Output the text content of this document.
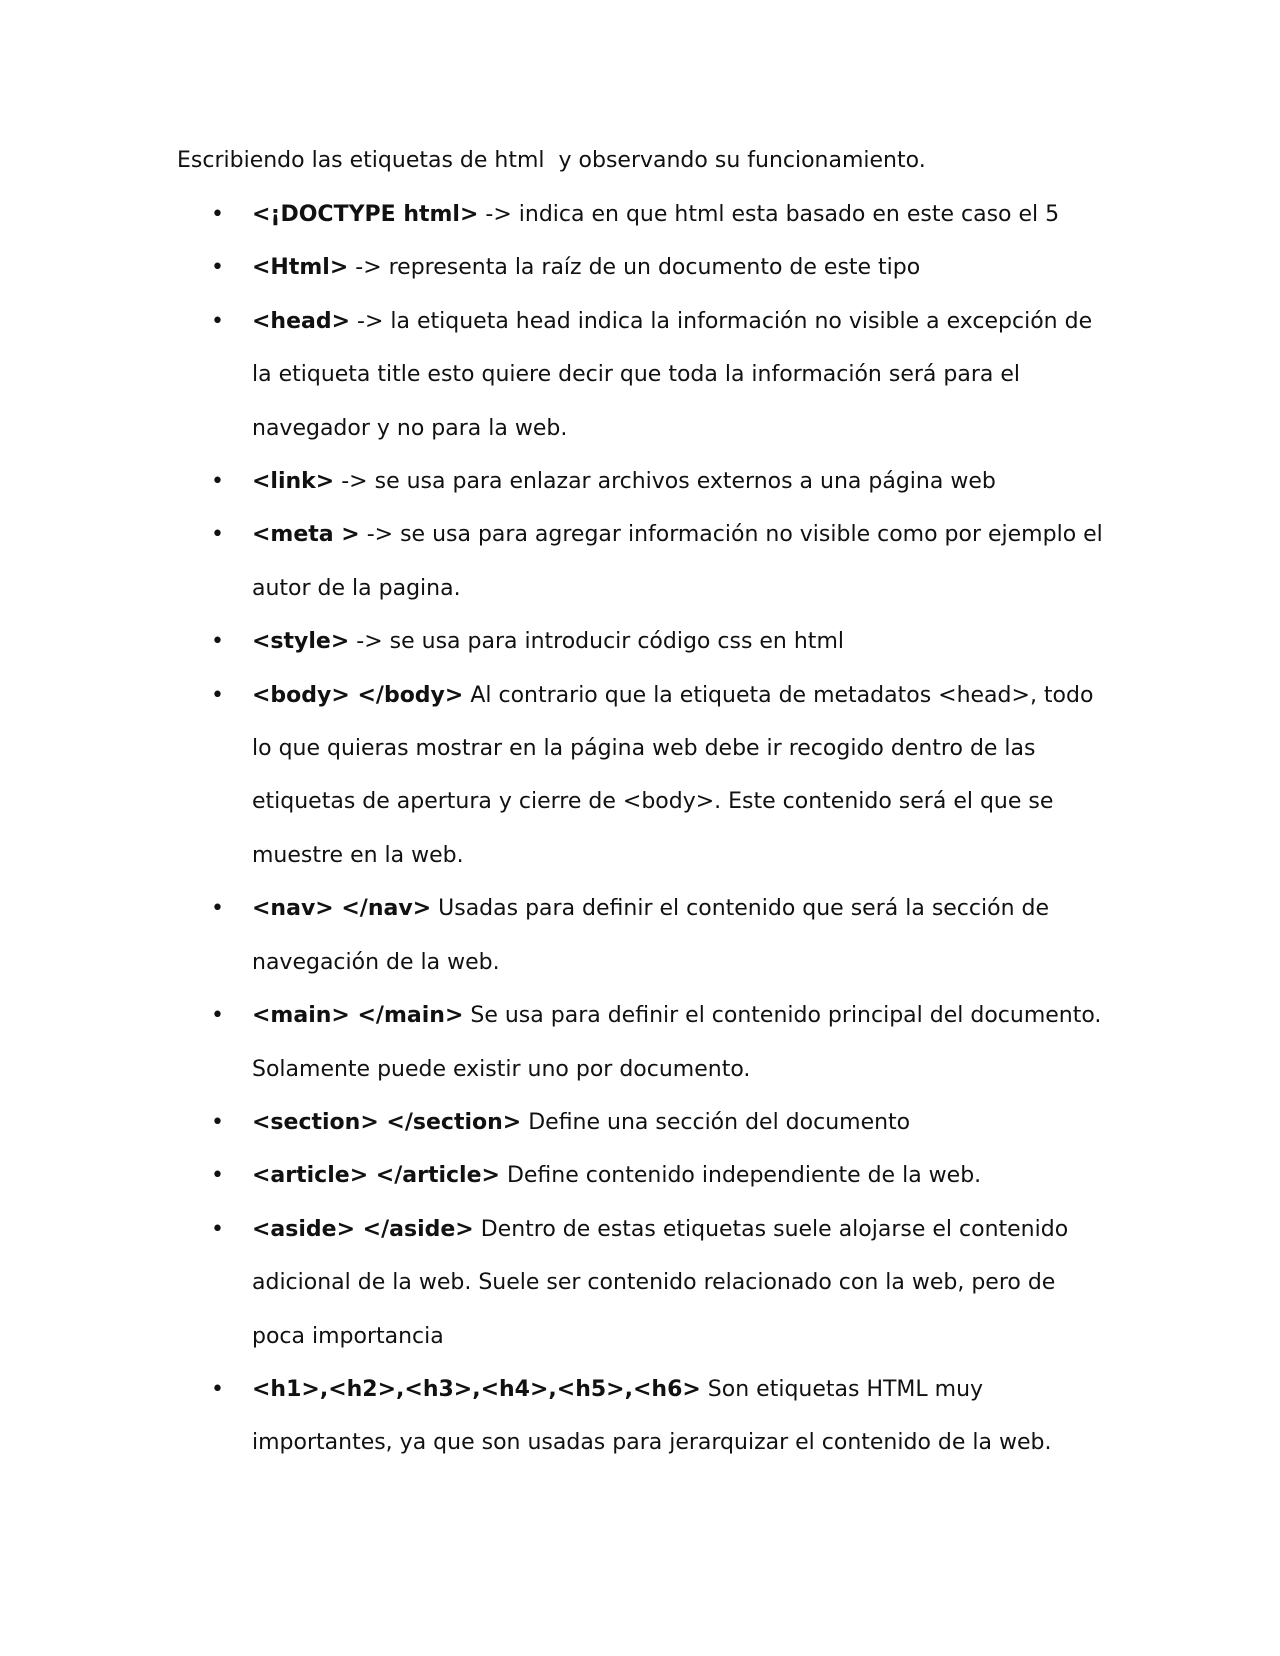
Escribiendo las etiquetas de html  y observando su funcionamiento.

• <¡DOCTYPE html> -> indica en que html esta basado en este caso el 5
• <Html> -> representa la raíz de un documento de este tipo
• <head> -> la etiqueta head indica la información no visible a excepción de la etiqueta title esto quiere decir que toda la información será para el navegador y no para la web.
• <link> -> se usa para enlazar archivos externos a una página web
• <meta > -> se usa para agregar información no visible como por ejemplo el autor de la pagina.
• <style> -> se usa para introducir código css en html
• <body> </body> Al contrario que la etiqueta de metadatos <head>, todo lo que quieras mostrar en la página web debe ir recogido dentro de las etiquetas de apertura y cierre de <body>. Este contenido será el que se muestre en la web.
• <nav> </nav> Usadas para definir el contenido que será la sección de navegación de la web.
• <main> </main> Se usa para definir el contenido principal del documento. Solamente puede existir uno por documento.
• <section> </section> Define una sección del documento
• <article> </article> Define contenido independiente de la web.
• <aside> </aside> Dentro de estas etiquetas suele alojarse el contenido adicional de la web. Suele ser contenido relacionado con la web, pero de poca importancia
• <h1>,<h2>,<h3>,<h4>,<h5>,<h6> Son etiquetas HTML muy importantes, ya que son usadas para jerarquizar el contenido de la web.
